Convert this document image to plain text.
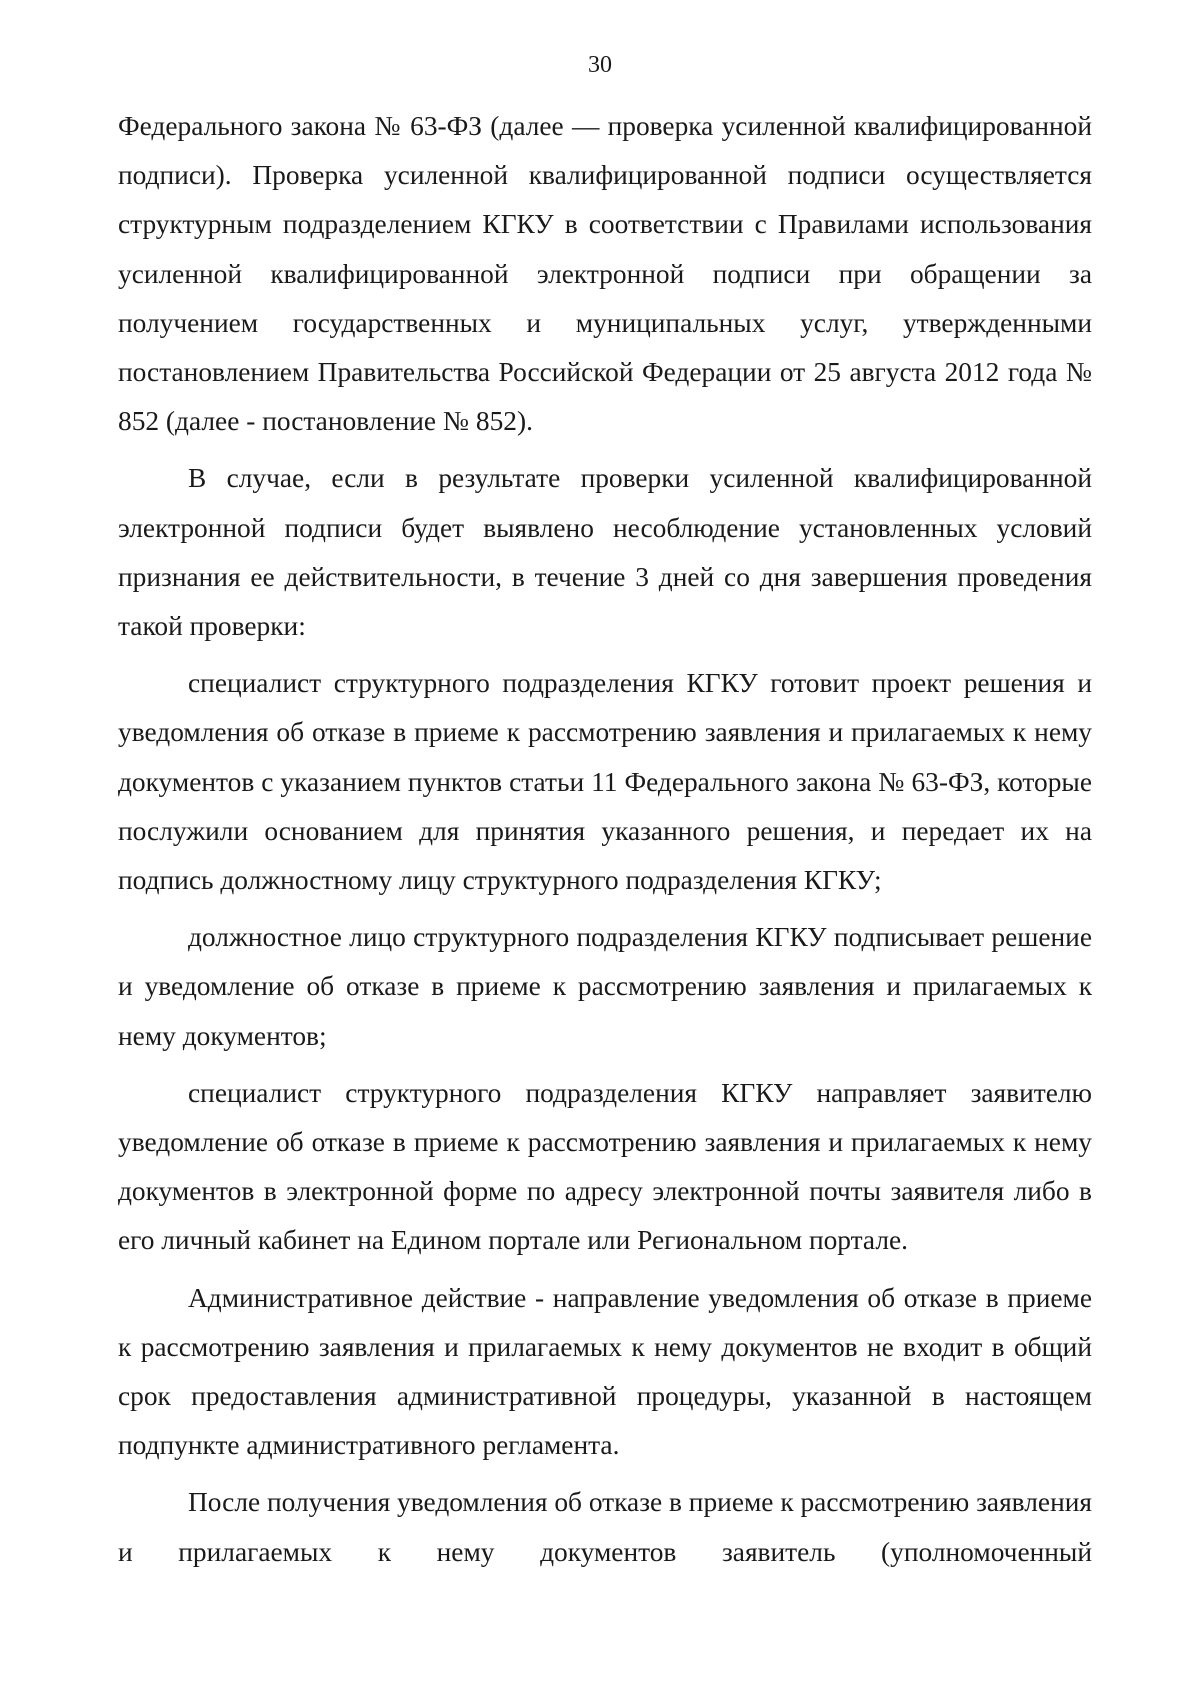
30

Федерального закона № 63-ФЗ (далее — проверка усиленной квалифицированной подписи). Проверка усиленной квалифицированной подписи осуществляется структурным подразделением КГКУ в соответствии с Правилами использования усиленной квалифицированной электронной подписи при обращении за получением государственных и муниципальных услуг, утвержденными постановлением Правительства Российской Федерации от 25 августа 2012 года № 852 (далее - постановление № 852).

В случае, если в результате проверки усиленной квалифицированной электронной подписи будет выявлено несоблюдение установленных условий признания ее действительности, в течение 3 дней со дня завершения проведения такой проверки:

специалист структурного подразделения КГКУ готовит проект решения и уведомления об отказе в приеме к рассмотрению заявления и прилагаемых к нему документов с указанием пунктов статьи 11 Федерального закона № 63-ФЗ, которые послужили основанием для принятия указанного решения, и передает их на подпись должностному лицу структурного подразделения КГКУ;

должностное лицо структурного подразделения КГКУ подписывает решение и уведомление об отказе в приеме к рассмотрению заявления и прилагаемых к нему документов;

специалист структурного подразделения КГКУ направляет заявителю уведомление об отказе в приеме к рассмотрению заявления и прилагаемых к нему документов в электронной форме по адресу электронной почты заявителя либо в его личный кабинет на Едином портале или Региональном портале.

Административное действие - направление уведомления об отказе в приеме к рассмотрению заявления и прилагаемых к нему документов не входит в общий срок предоставления административной процедуры, указанной в настоящем подпункте административного регламента.

После получения уведомления об отказе в приеме к рассмотрению заявления и прилагаемых к нему документов заявитель (уполномоченный
